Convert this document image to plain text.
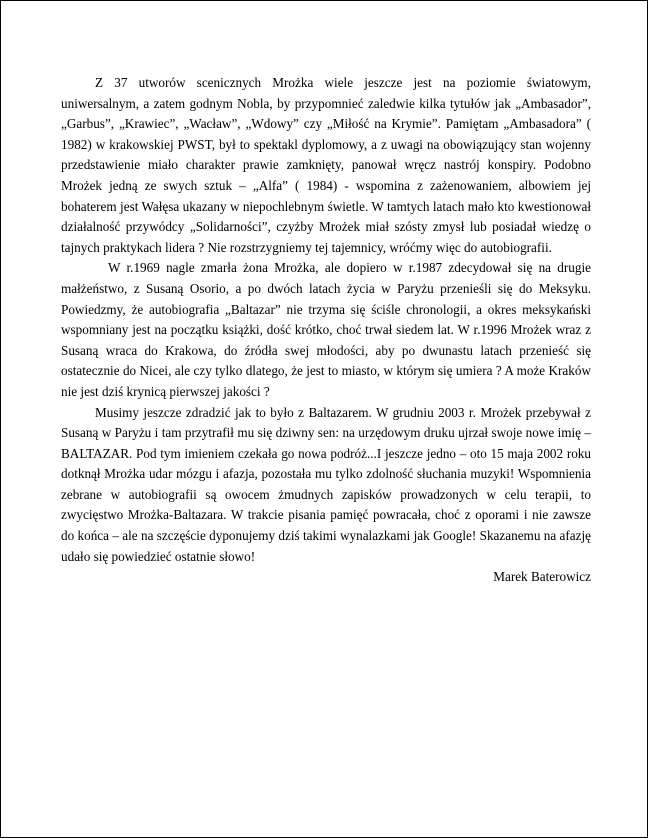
Z 37 utworów scenicznych Mrożka wiele jeszcze jest na poziomie światowym, uniwersalnym, a zatem godnym Nobla, by przypomnieć zaledwie kilka tytułów jak „Ambasador”, „Garbus”, „Krawiec”, „Wacław”, „Wdowy” czy „Miłość na Krymie”. Pamiętam „Ambasadora” ( 1982) w krakowskiej PWST, był to spektakl dyplomowy, a z uwagi na obowiązujący stan wojenny przedstawienie miało charakter prawie zamknięty, panował wręcz nastrój konspiry. Podobno Mrożek jedną ze swych sztuk – „Alfa” ( 1984) - wspomina z zażenowaniem, albowiem jej bohaterem jest Wałęsa ukazany w niepochlebnym świetle. W tamtych latach mało kto kwestionował działalność przywódcy „Solidarności”, czyżby Mrożek miał szósty zmysł lub posiadał wiedzę o tajnych praktykach lidera ? Nie rozstrzygniemy tej tajemnicy, wróćmy więc do autobiografii.

W r.1969 nagle zmarła żona Mrożka, ale dopiero w r.1987 zdecydował się na drugie małżeństwo, z Susaną Osorio, a po dwóch latach życia w Paryżu przenieśli się do Meksyku. Powiedzmy, że autobiografia „Baltazar” nie trzyma się ściśle chronologii, a okres meksykański wspomniany jest na początku książki, dość krótko, choć trwał siedem lat. W r.1996 Mrożek wraz z Susaną wraca do Krakowa, do źródła swej młodości, aby po dwunastu latach przenieść się ostatecznie do Nicei, ale czy tylko dlatego, że jest to miasto, w którym się umiera ? A może Kraków nie jest dziś krynicą pierwszej jakości ?

Musimy jeszcze zdradzić jak to było z Baltazarem. W grudniu 2003 r. Mrożek przebywał z Susaną w Paryżu i tam przytrafił mu się dziwny sen: na urzędowym druku ujrzał swoje nowe imię – BALTAZAR. Pod tym imieniem czekała go nowa podróż...I jeszcze jedno – oto 15 maja 2002 roku dotknął Mrożka udar mózgu i afazja, pozostała mu tylko zdolność słuchania muzyki! Wspomnienia zebrane w autobiografii są owocem żmudnych zapisków prowadzonych w celu terapii, to zwycięstwo Mrożka-Baltazara. W trakcie pisania pamięć powracała, choć z oporami i nie zawsze do końca – ale na szczęście dyponujemy dziś takimi wynalazkami jak Google! Skazanemu na afazję udało się powiedzieć ostatnie słowo!

Marek Baterowicz
